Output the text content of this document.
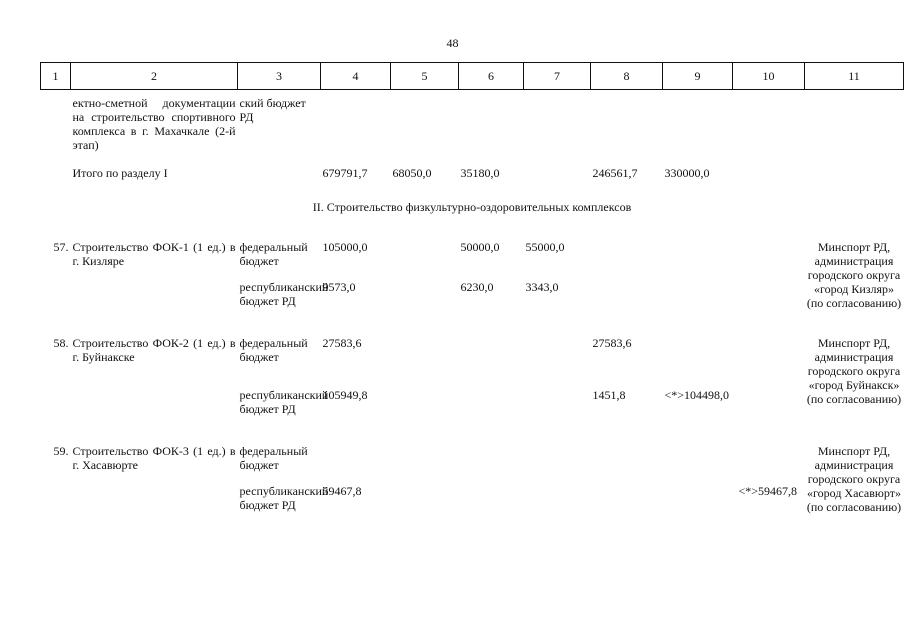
48
1	2	3	4	5	6	7	8	9	10	11
	ектно-сметной документации на строительство спортивного комплекса в г. Махачкале (2-й этап)	ский бюджет РД								
	Итого по разделу I		679791,7	68050,0	35180,0		246561,7	330000,0		
II. Строительство физкультурно-оздоровительных комплексов										
57.	Строительство ФОК-1 (1 ед.) в г. Кизляре	федеральный бюджет	105000,0		50000,0	55000,0				Минспорт РД, администрация городского округа «город Кизляр» (по согласованию)
		республиканский бюджет РД	9573,0		6230,0	3343,0				
58.	Строительство ФОК-2 (1 ед.) в г. Буйнакске	федеральный бюджет	27583,6				27583,6			Минспорт РД, администрация городского округа «город Буйнакск» (по согласованию)
		республиканский бюджет РД	105949,8				1451,8	<*>104498,0		
59.	Строительство ФОК-3 (1 ед.) в г. Хасавюрте	федеральный бюджет								Минспорт РД, администрация городского округа «город Хасавюрт» (по согласованию)
		республиканский бюджет РД	59467,8						<*>59467,8	
